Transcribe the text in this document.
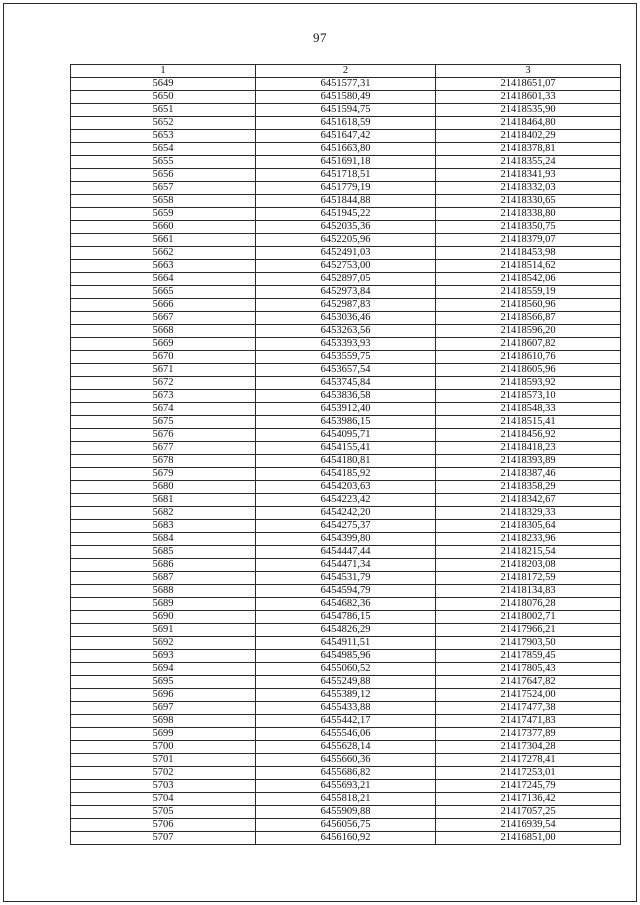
97
1	2	3
5649	6451577,31	21418651,07
5650	6451580,49	21418601,33
5651	6451594,75	21418535,90
5652	6451618,59	21418464,80
5653	6451647,42	21418402,29
5654	6451663,80	21418378,81
5655	6451691,18	21418355,24
5656	6451718,51	21418341,93
5657	6451779,19	21418332,03
5658	6451844,88	21418330,65
5659	6451945,22	21418338,80
5660	6452035,36	21418350,75
5661	6452205,96	21418379,07
5662	6452491,03	21418453,98
5663	6452753,00	21418514,62
5664	6452897,05	21418542,06
5665	6452973,84	21418559,19
5666	6452987,83	21418560,96
5667	6453036,46	21418566,87
5668	6453263,56	21418596,20
5669	6453393,93	21418607,82
5670	6453559,75	21418610,76
5671	6453657,54	21418605,96
5672	6453745,84	21418593,92
5673	6453836,58	21418573,10
5674	6453912,40	21418548,33
5675	6453986,15	21418515,41
5676	6454095,71	21418456,92
5677	6454155,41	21418418,23
5678	6454180,81	21418393,89
5679	6454185,92	21418387,46
5680	6454203,63	21418358,29
5681	6454223,42	21418342,67
5682	6454242,20	21418329,33
5683	6454275,37	21418305,64
5684	6454399,80	21418233,96
5685	6454447,44	21418215,54
5686	6454471,34	21418203,08
5687	6454531,79	21418172,59
5688	6454594,79	21418134,83
5689	6454682,36	21418076,28
5690	6454786,15	21418002,71
5691	6454826,29	21417966,21
5692	6454911,51	21417903,50
5693	6454985,96	21417859,45
5694	6455060,52	21417805,43
5695	6455249,88	21417647,82
5696	6455389,12	21417524,00
5697	6455433,88	21417477,38
5698	6455442,17	21417471,83
5699	6455546,06	21417377,89
5700	6455628,14	21417304,28
5701	6455660,36	21417278,41
5702	6455686,82	21417253,01
5703	6455693,21	21417245,79
5704	6455818,21	21417136,42
5705	6455909,88	21417057,25
5706	6456056,75	21416939,54
5707	6456160,92	21416851,00
